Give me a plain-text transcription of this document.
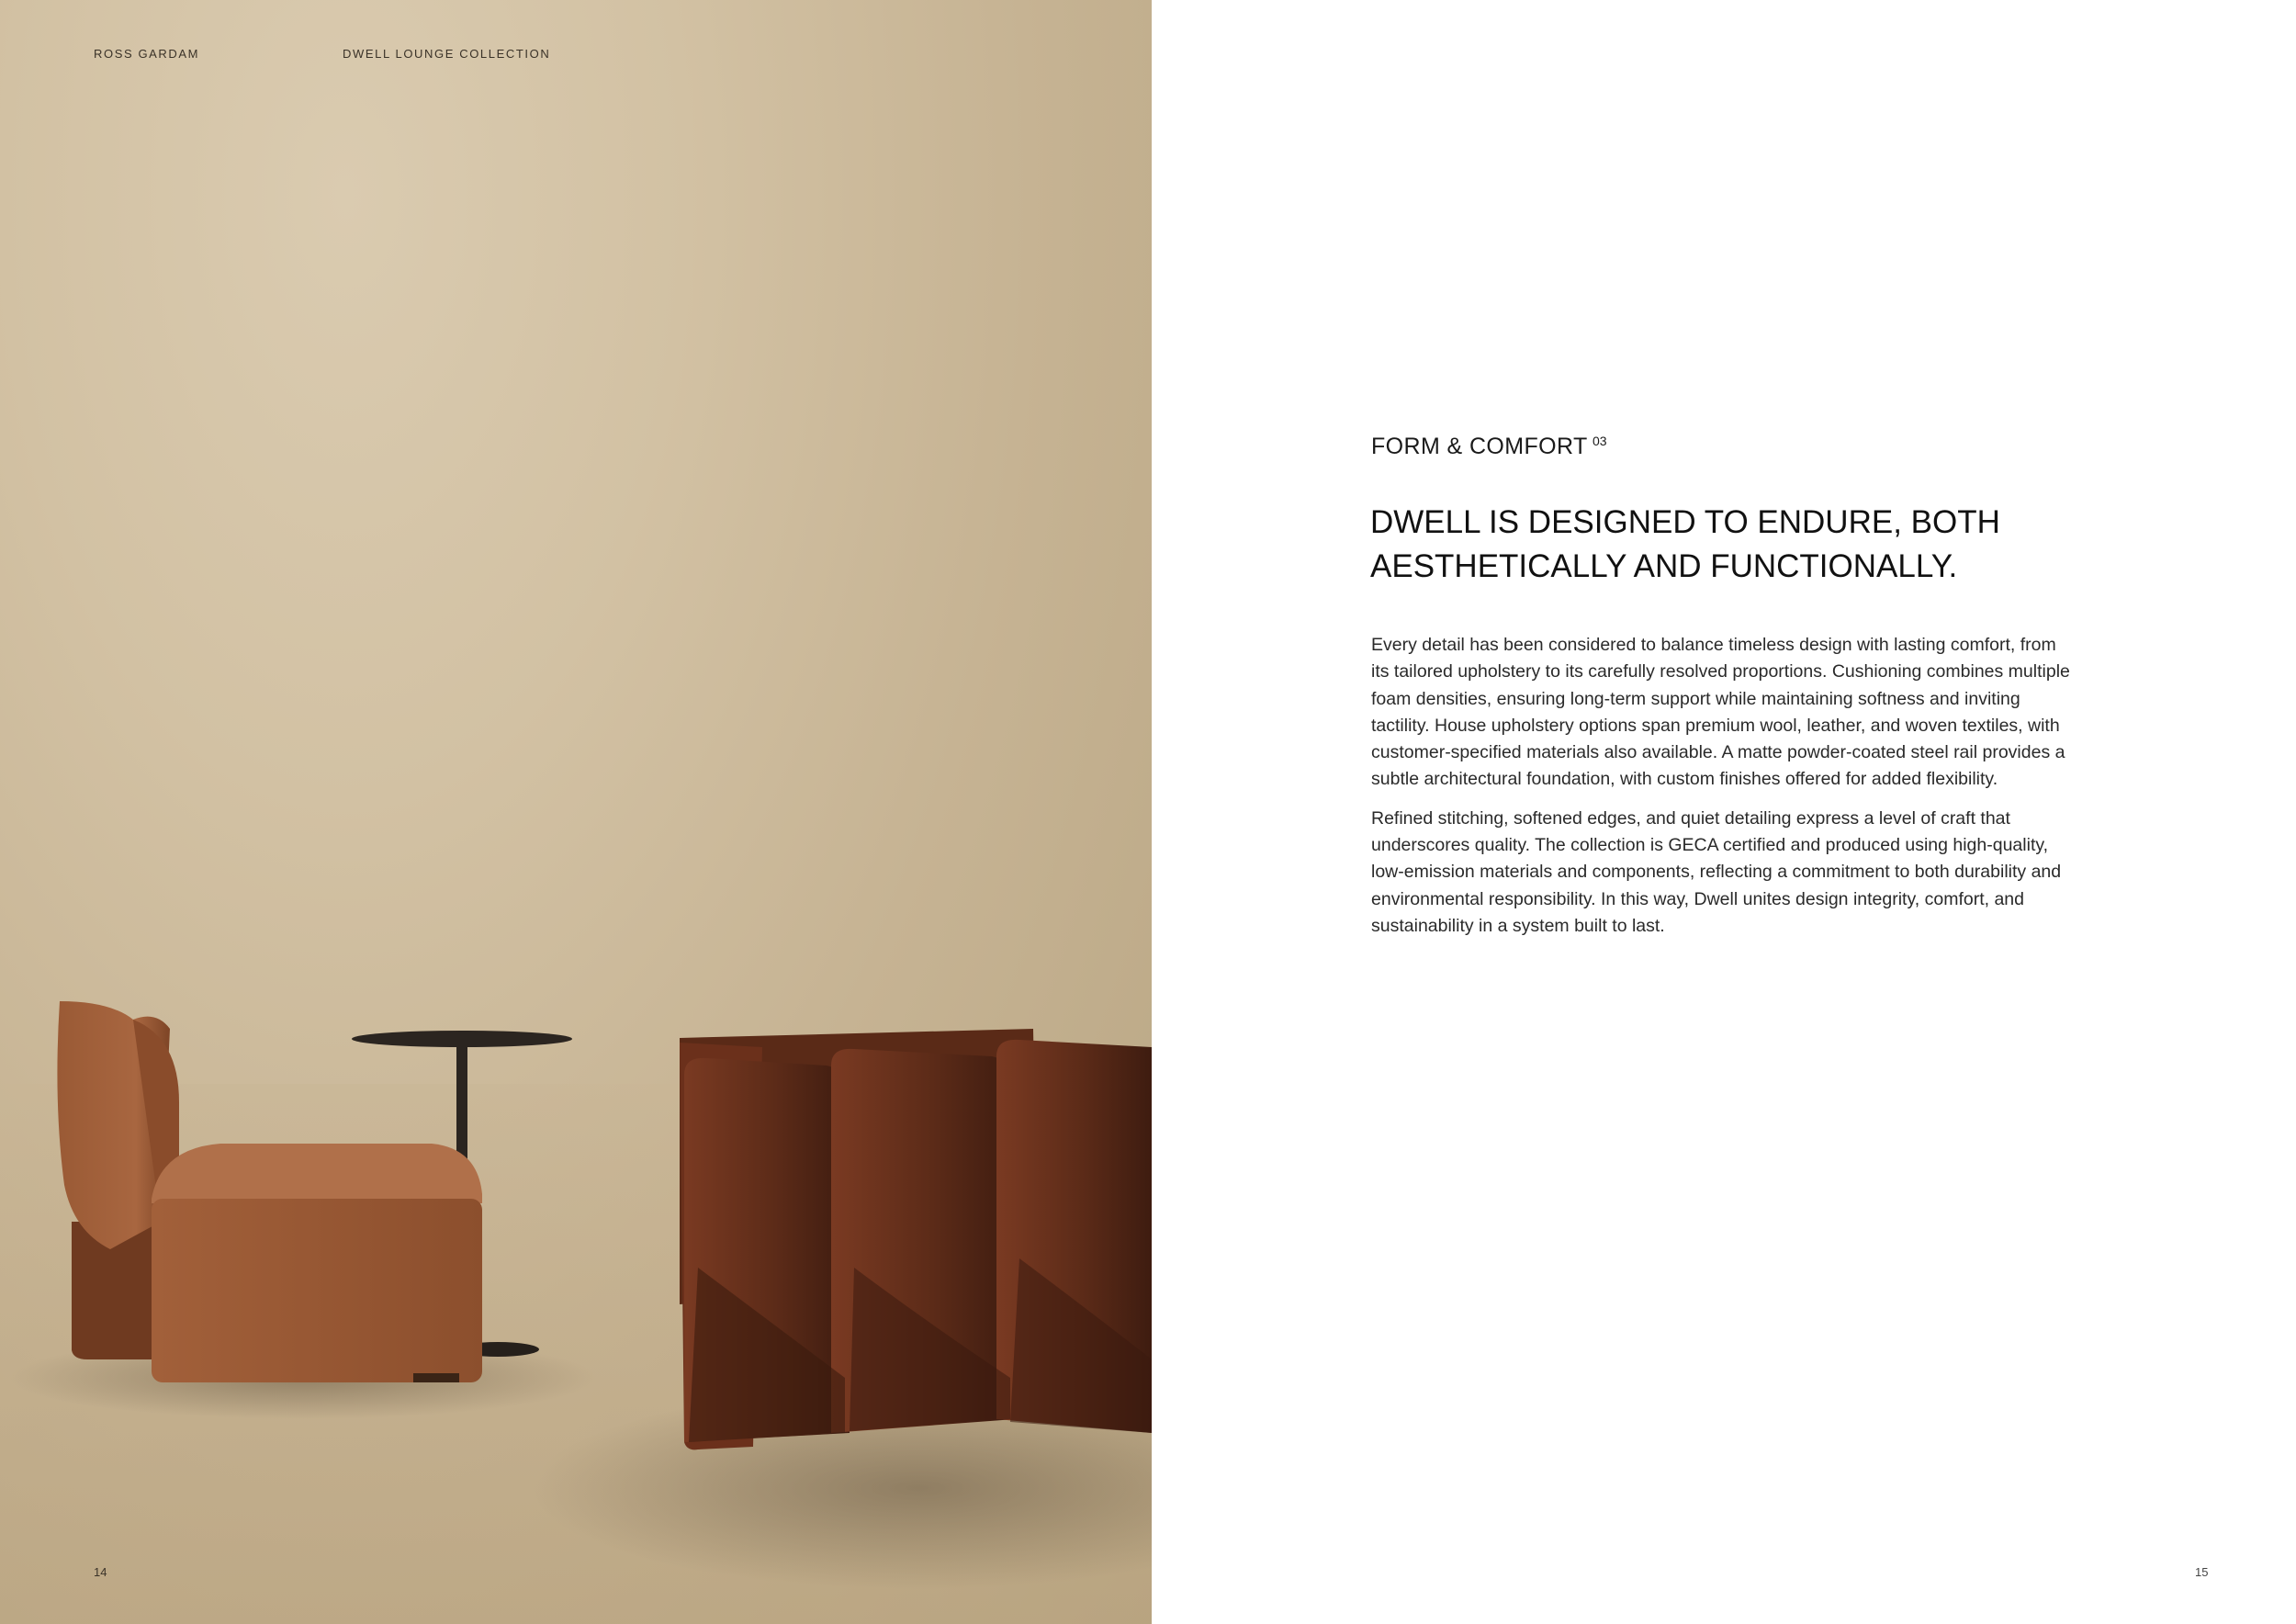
ROSS GARDAM	DWELL LOUNGE COLLECTION
14
FORM & COMFORT 03
DWELL IS DESIGNED TO ENDURE, BOTH
AESTHETICALLY AND FUNCTIONALLY.

Every detail has been considered to balance timeless design with lasting comfort, from its tailored upholstery to its carefully resolved proportions. Cushioning combines multiple foam densities, ensuring long-term support while maintaining softness and inviting tactility. House upholstery options span premium wool, leather, and woven textiles, with customer-specified materials also available. A matte powder-coated steel rail provides a subtle architectural foundation, with custom finishes offered for added flexibility.

Refined stitching, softened edges, and quiet detailing express a level of craft that underscores quality. The collection is GECA certified and produced using high-quality, low-emission materials and components, reflecting a commitment to both durability and environmental responsibility. In this way, Dwell unites design integrity, comfort, and sustainability in a system built to last.

15
